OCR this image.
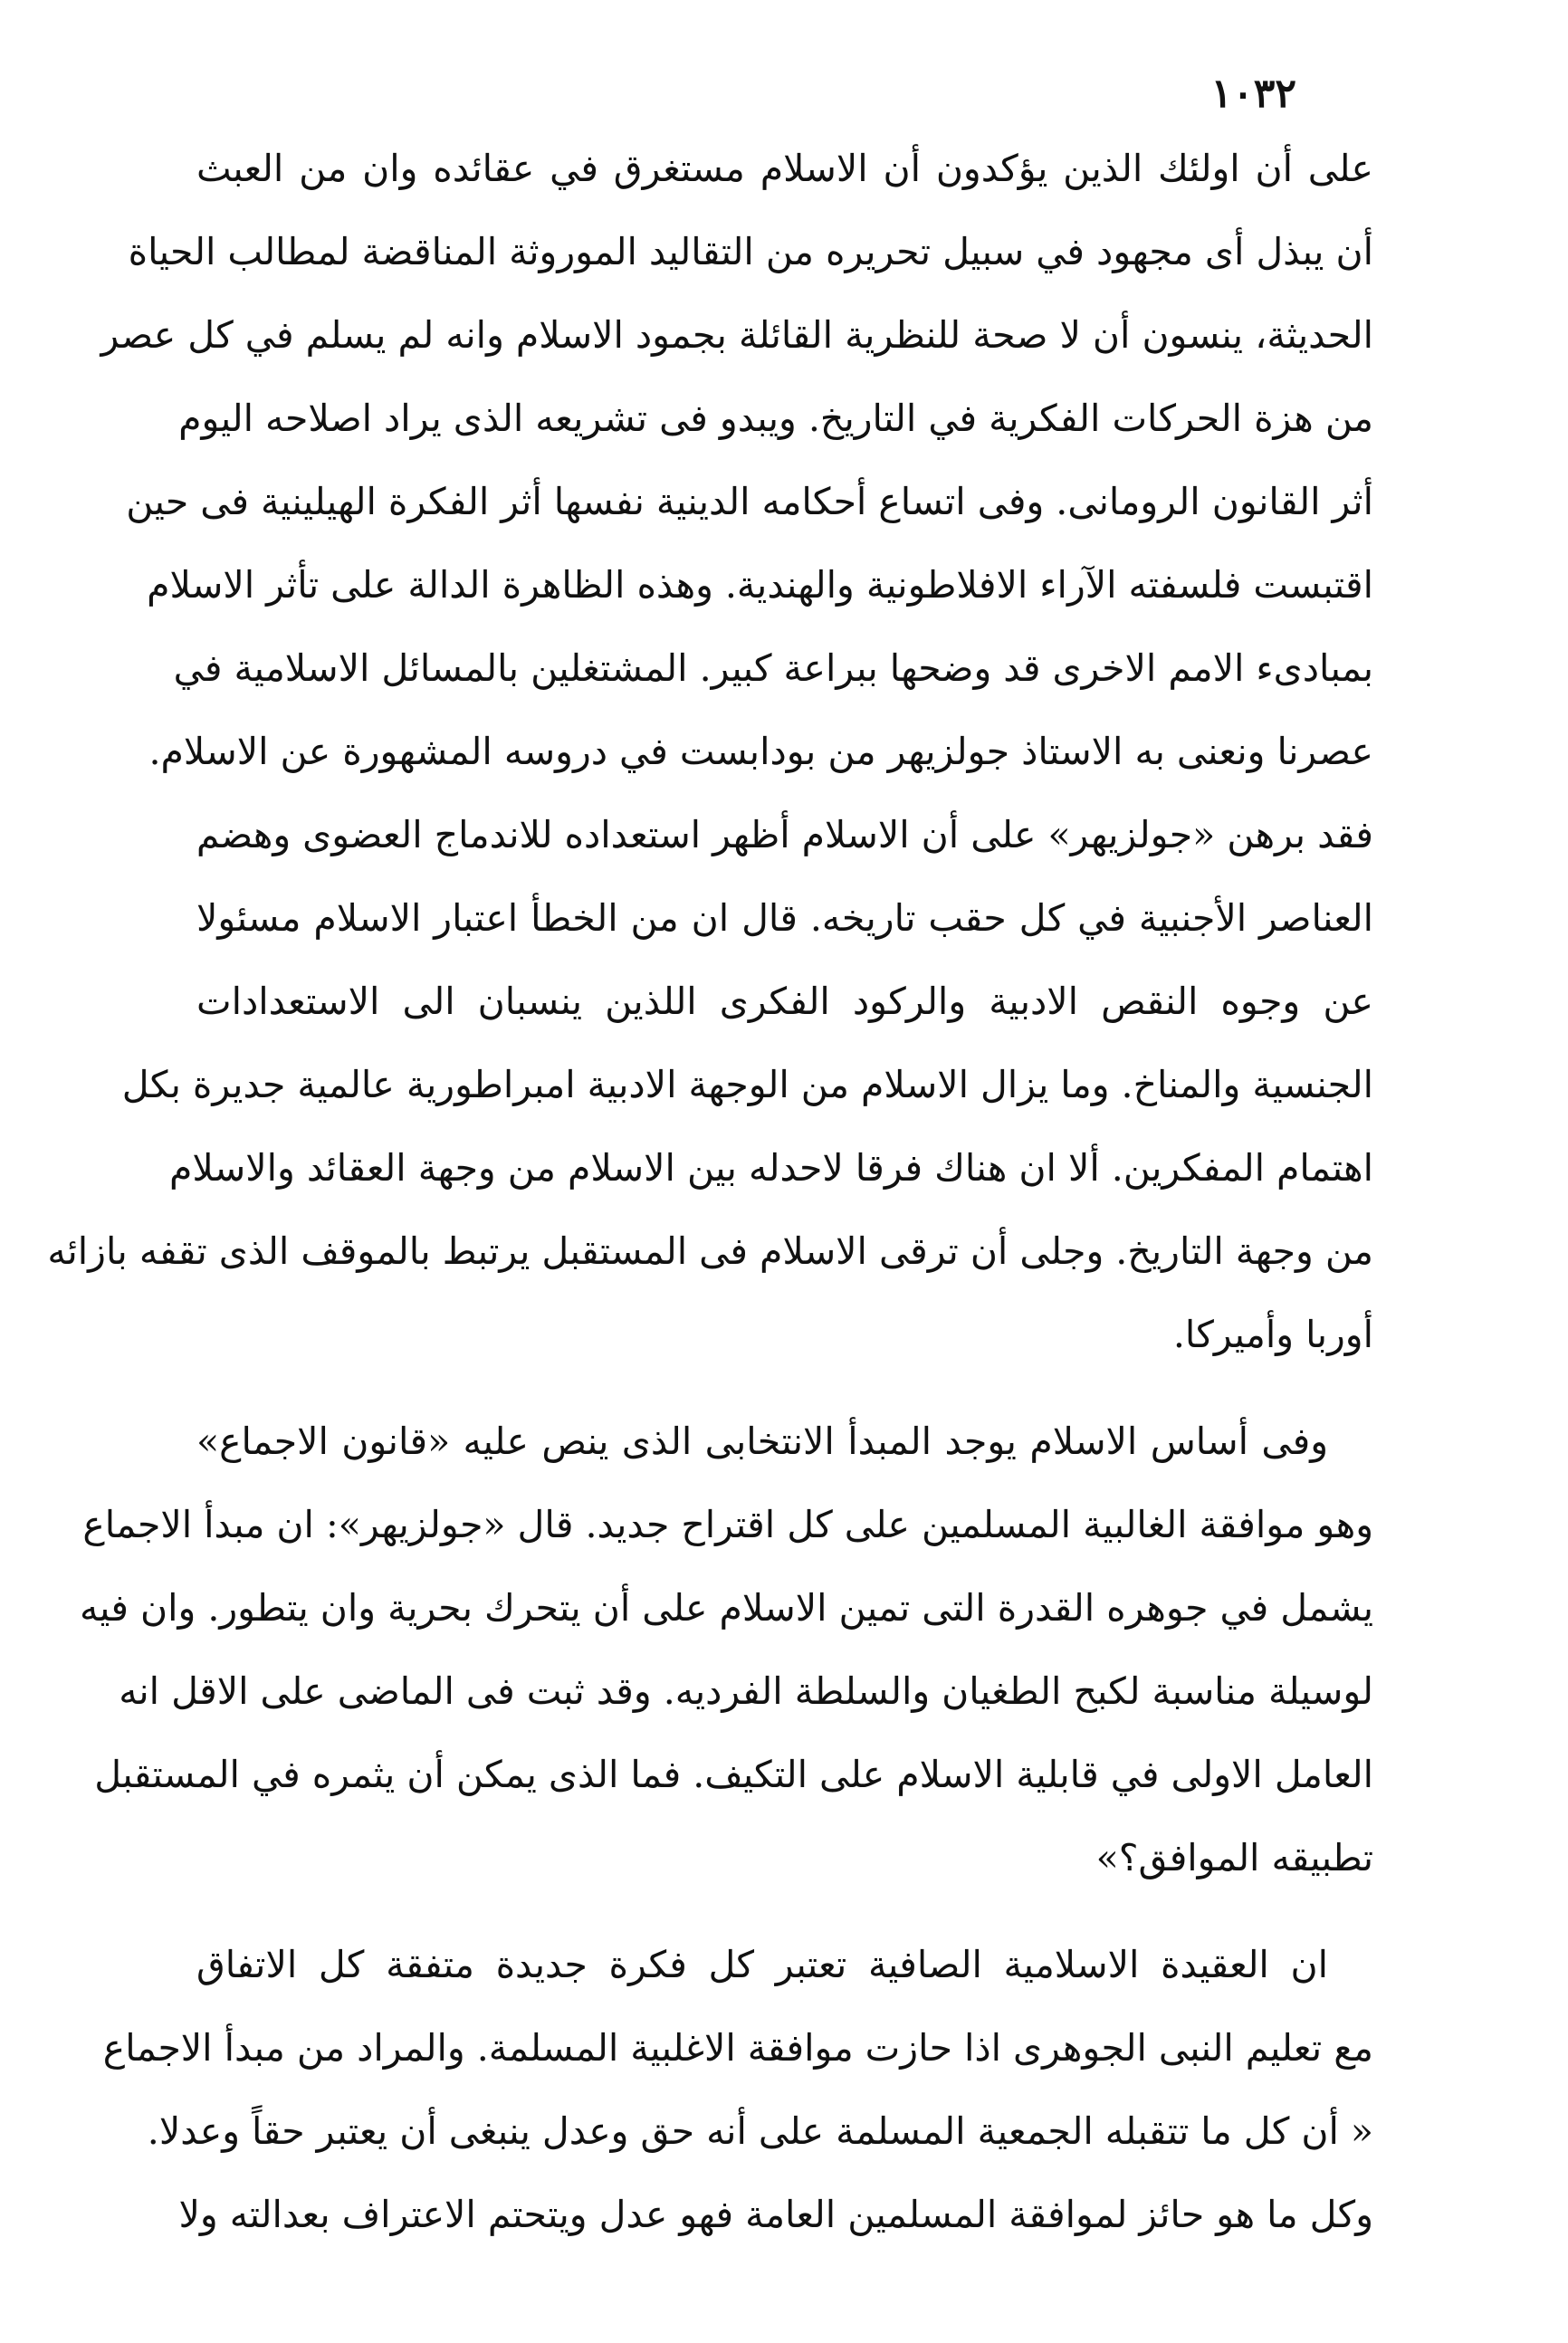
١٠٣٢
على أن اولئك الذين يؤكدون أن الاسلام مستغرق في عقائده وان من العبث
أن يبذل أى مجهود في سبيل تحريره من التقاليد الموروثة المناقضة لمطالب الحياة
الحديثة، ينسون أن لا صحة للنظرية القائلة بجمود الاسلام وانه لم يسلم في كل عصر
من هزة الحركات الفكرية في التاريخ. ويبدو فى تشريعه الذى يراد اصلاحه اليوم
أثر القانون الرومانى. وفى اتساع أحكامه الدينية نفسها أثر الفكرة الهيلينية فى حين
اقتبست فلسفته الآراء الافلاطونية والهندية. وهذه الظاهرة الدالة على تأثر الاسلام
بمبادىء الامم الاخرى قد وضحها ببراعة كبير. المشتغلين بالمسائل الاسلامية في
عصرنا ونعنى به الاستاذ جولزيهر من بودابست في دروسه المشهورة عن الاسلام.
فقد برهن «جولزيهر» على أن الاسلام أظهر استعداده للاندماج العضوى وهضم
العناصر الأجنبية في كل حقب تاريخه. قال ان من الخطأ اعتبار الاسلام مسئولا
عن وجوه النقص الادبية والركود الفكرى اللذين ينسبان الى الاستعدادات
الجنسية والمناخ. وما يزال الاسلام من الوجهة الادبية امبراطورية عالمية جديرة بكل
اهتمام المفكرين. ألا ان هناك فرقا لاحدله بين الاسلام من وجهة العقائد والاسلام
من وجهة التاريخ. وجلى أن ترقى الاسلام فى المستقبل يرتبط بالموقف الذى تقفه بازائه
أوربا وأميركا.
وفى أساس الاسلام يوجد المبدأ الانتخابى الذى ينص عليه «قانون الاجماع»
وهو موافقة الغالبية المسلمين على كل اقتراح جديد. قال «جولزيهر»: ان مبدأ الاجماع
يشمل في جوهره القدرة التى تمين الاسلام على أن يتحرك بحرية وان يتطور. وان فيه
لوسيلة مناسبة لكبح الطغيان والسلطة الفرديه. وقد ثبت فى الماضى على الاقل انه
العامل الاولى في قابلية الاسلام على التكيف. فما الذى يمكن أن يثمره في المستقبل
تطبيقه الموافق؟»
ان العقيدة الاسلامية الصافية تعتبر كل فكرة جديدة متفقة كل الاتفاق
مع تعليم النبى الجوهرى اذا حازت موافقة الاغلبية المسلمة. والمراد من مبدأ الاجماع
« أن كل ما تتقبله الجمعية المسلمة على أنه حق وعدل ينبغى أن يعتبر حقاً وعدلا.
وكل ما هو حائز لموافقة المسلمين العامة فهو عدل ويتحتم الاعتراف بعدالته ولا
